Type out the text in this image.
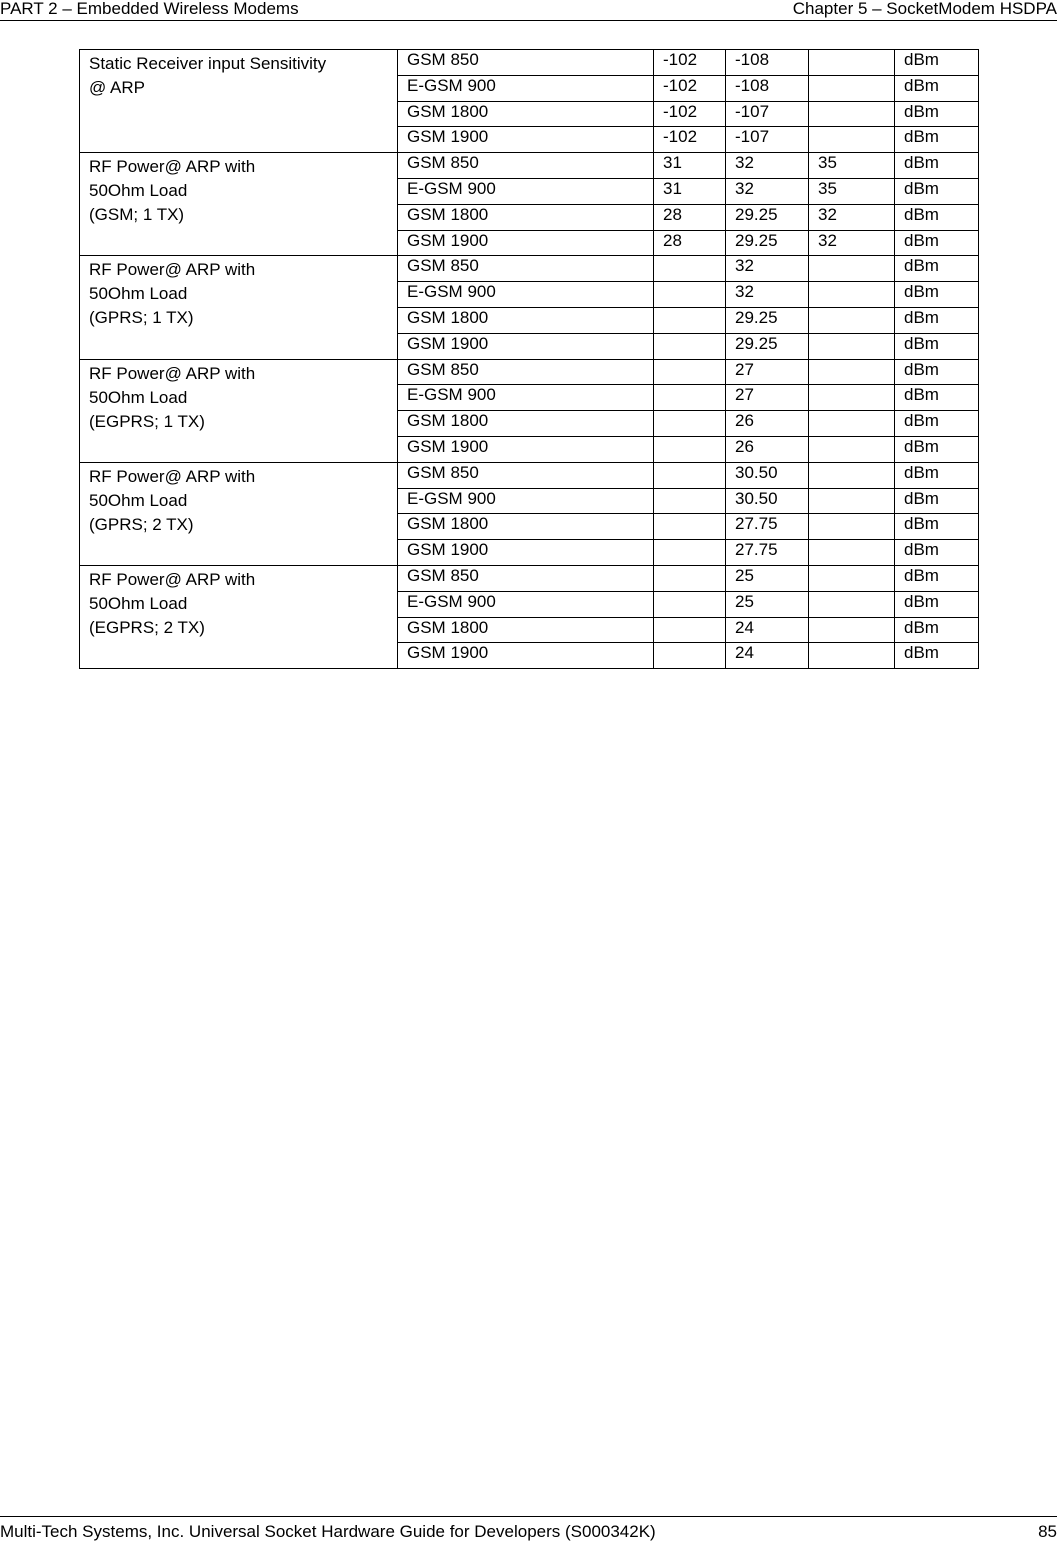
PART 2 – Embedded Wireless Modems	Chapter 5 – SocketModem HSDPA
Static Receiver input Sensitivity
@ ARP	GSM 850	-102	-108		dBm
	E-GSM 900	-102	-108		dBm
	GSM 1800	-102	-107		dBm
	GSM 1900	-102	-107		dBm
RF Power@ ARP with
50Ohm Load
(GSM; 1 TX)	GSM 850	31	32	35	dBm
	E-GSM 900	31	32	35	dBm
	GSM 1800	28	29.25	32	dBm
	GSM 1900	28	29.25	32	dBm
RF Power@ ARP with
50Ohm Load
(GPRS; 1 TX)	GSM 850		32		dBm
	E-GSM 900		32		dBm
	GSM 1800		29.25		dBm
	GSM 1900		29.25		dBm
RF Power@ ARP with
50Ohm Load
(EGPRS; 1 TX)	GSM 850		27		dBm
	E-GSM 900		27		dBm
	GSM 1800		26		dBm
	GSM 1900		26		dBm
RF Power@ ARP with
50Ohm Load
(GPRS; 2 TX)	GSM 850		30.50		dBm
	E-GSM 900		30.50		dBm
	GSM 1800		27.75		dBm
	GSM 1900		27.75		dBm
RF Power@ ARP with
50Ohm Load
(EGPRS; 2 TX)	GSM 850		25		dBm
	E-GSM 900		25		dBm
	GSM 1800		24		dBm
	GSM 1900		24		dBm
Multi-Tech Systems, Inc. Universal Socket Hardware Guide for Developers (S000342K)	85
